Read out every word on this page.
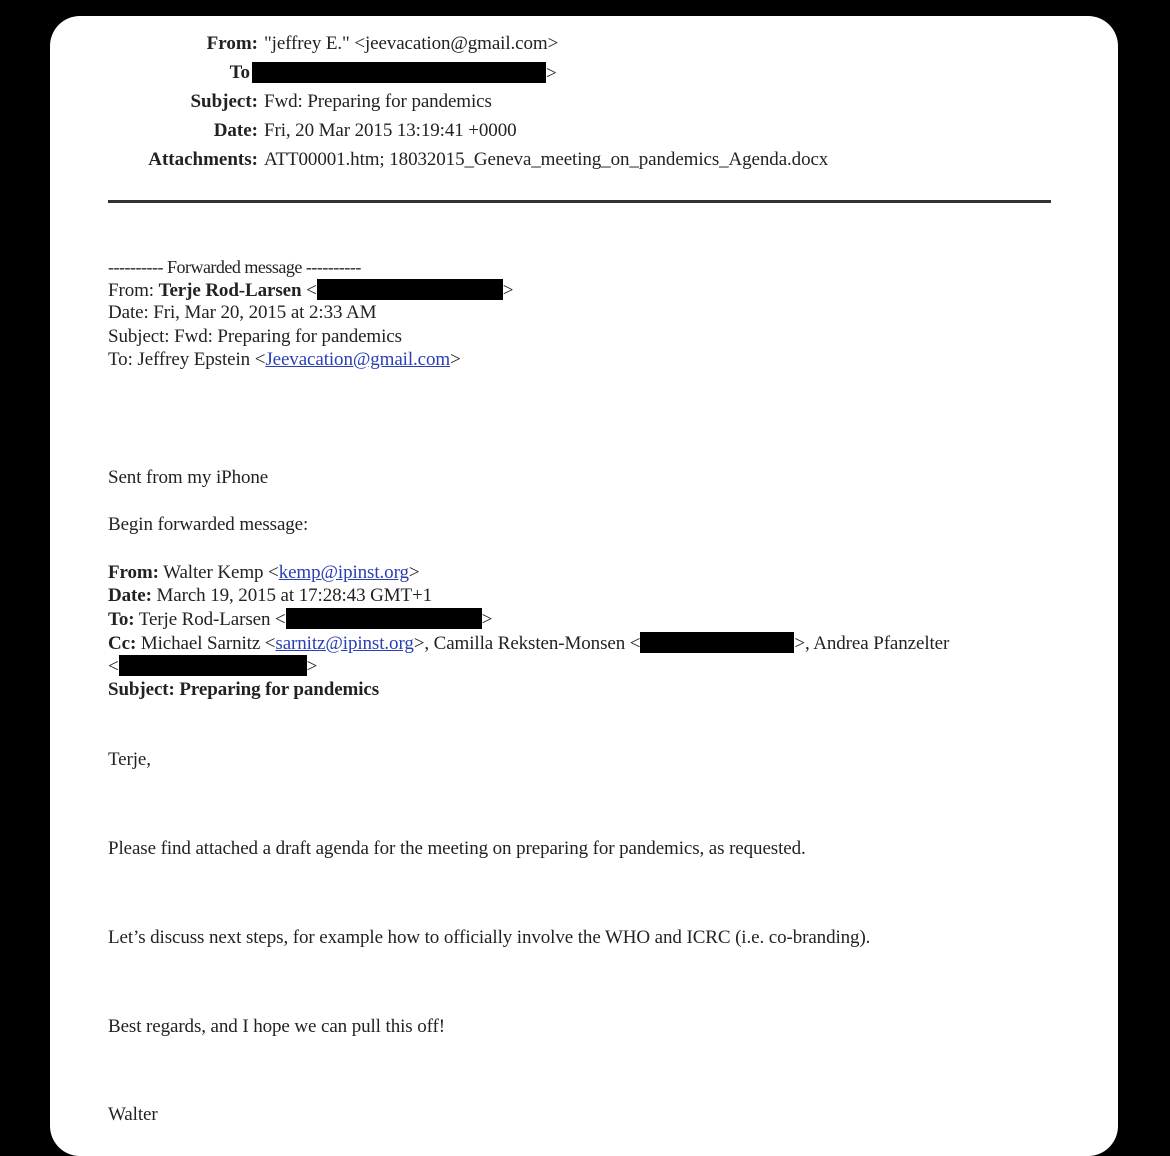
From: "jeffrey E." <jeevacation@gmail.com>
To	>
Subject: Fwd: Preparing for pandemics
Date: Fri, 20 Mar 2015 13:19:41 +0000
Attachments: ATT00001.htm; 18032015_Geneva_meeting_on_pandemics_Agenda.docx
---------- Forwarded message ----------
From: Terje Rod-Larsen <	>
Date: Fri, Mar 20, 2015 at 2:33 AM
Subject: Fwd: Preparing for pandemics
To: Jeffrey Epstein <Jeevacation@gmail.com>
Sent from my iPhone
Begin forwarded message:
From: Walter Kemp <kemp@ipinst.org>
Date: March 19, 2015 at 17:28:43 GMT+1
To: Terje Rod-Larsen <	>
Cc: Michael Sarnitz <sarnitz@ipinst.org>, Camilla Reksten-Monsen <	>, Andrea Pfanzelter
<	>
Subject: Preparing for pandemics
Terje,
Please find attached a draft agenda for the meeting on preparing for pandemics, as requested.
Let’s discuss next steps, for example how to officially involve the WHO and ICRC (i.e. co-branding).
Best regards, and I hope we can pull this off!
Walter
